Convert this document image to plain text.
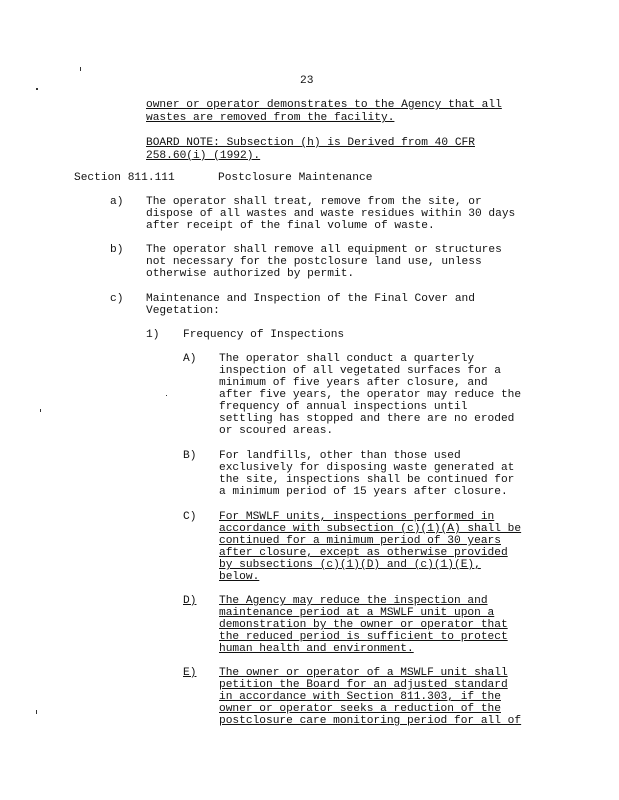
23
owner or operator demonstrates to the Agency that all
wastes are removed from the facility.
BOARD NOTE: Subsection (h) is Derived from 40 CFR
258.60(i) (1992).
Section 811.111	Postclosure Maintenance
a) The operator shall treat, remove from the site, or
dispose of all wastes and waste residues within 30 days
after receipt of the final volume of waste.
b) The operator shall remove all equipment or structures
not necessary for the postclosure land use, unless
otherwise authorized by permit.
c) Maintenance and Inspection of the Final Cover and
Vegetation:
1) Frequency of Inspections
A) The operator shall conduct a quarterly
inspection of all vegetated surfaces for a
minimum of five years after closure, and
after five years, the operator may reduce the
frequency of annual inspections until
settling has stopped and there are no eroded
or scoured areas.
B) For landfills, other than those used
exclusively for disposing waste generated at
the site, inspections shall be continued for
a minimum period of 15 years after closure.
C) For MSWLF units, inspections performed in
accordance with subsection (c)(1)(A) shall be
continued for a minimum period of 30 years
after closure, except as otherwise provided
by subsections (c)(1)(D) and (c)(1)(E),
below.
D) The Agency may reduce the inspection and
maintenance period at a MSWLF unit upon a
demonstration by the owner or operator that
the reduced period is sufficient to protect
human health and environment.
E) The owner or operator of a MSWLF unit shall
petition the Board for an adjusted standard
in accordance with Section 811.303, if the
owner or operator seeks a reduction of the
postclosure care monitoring period for all of
